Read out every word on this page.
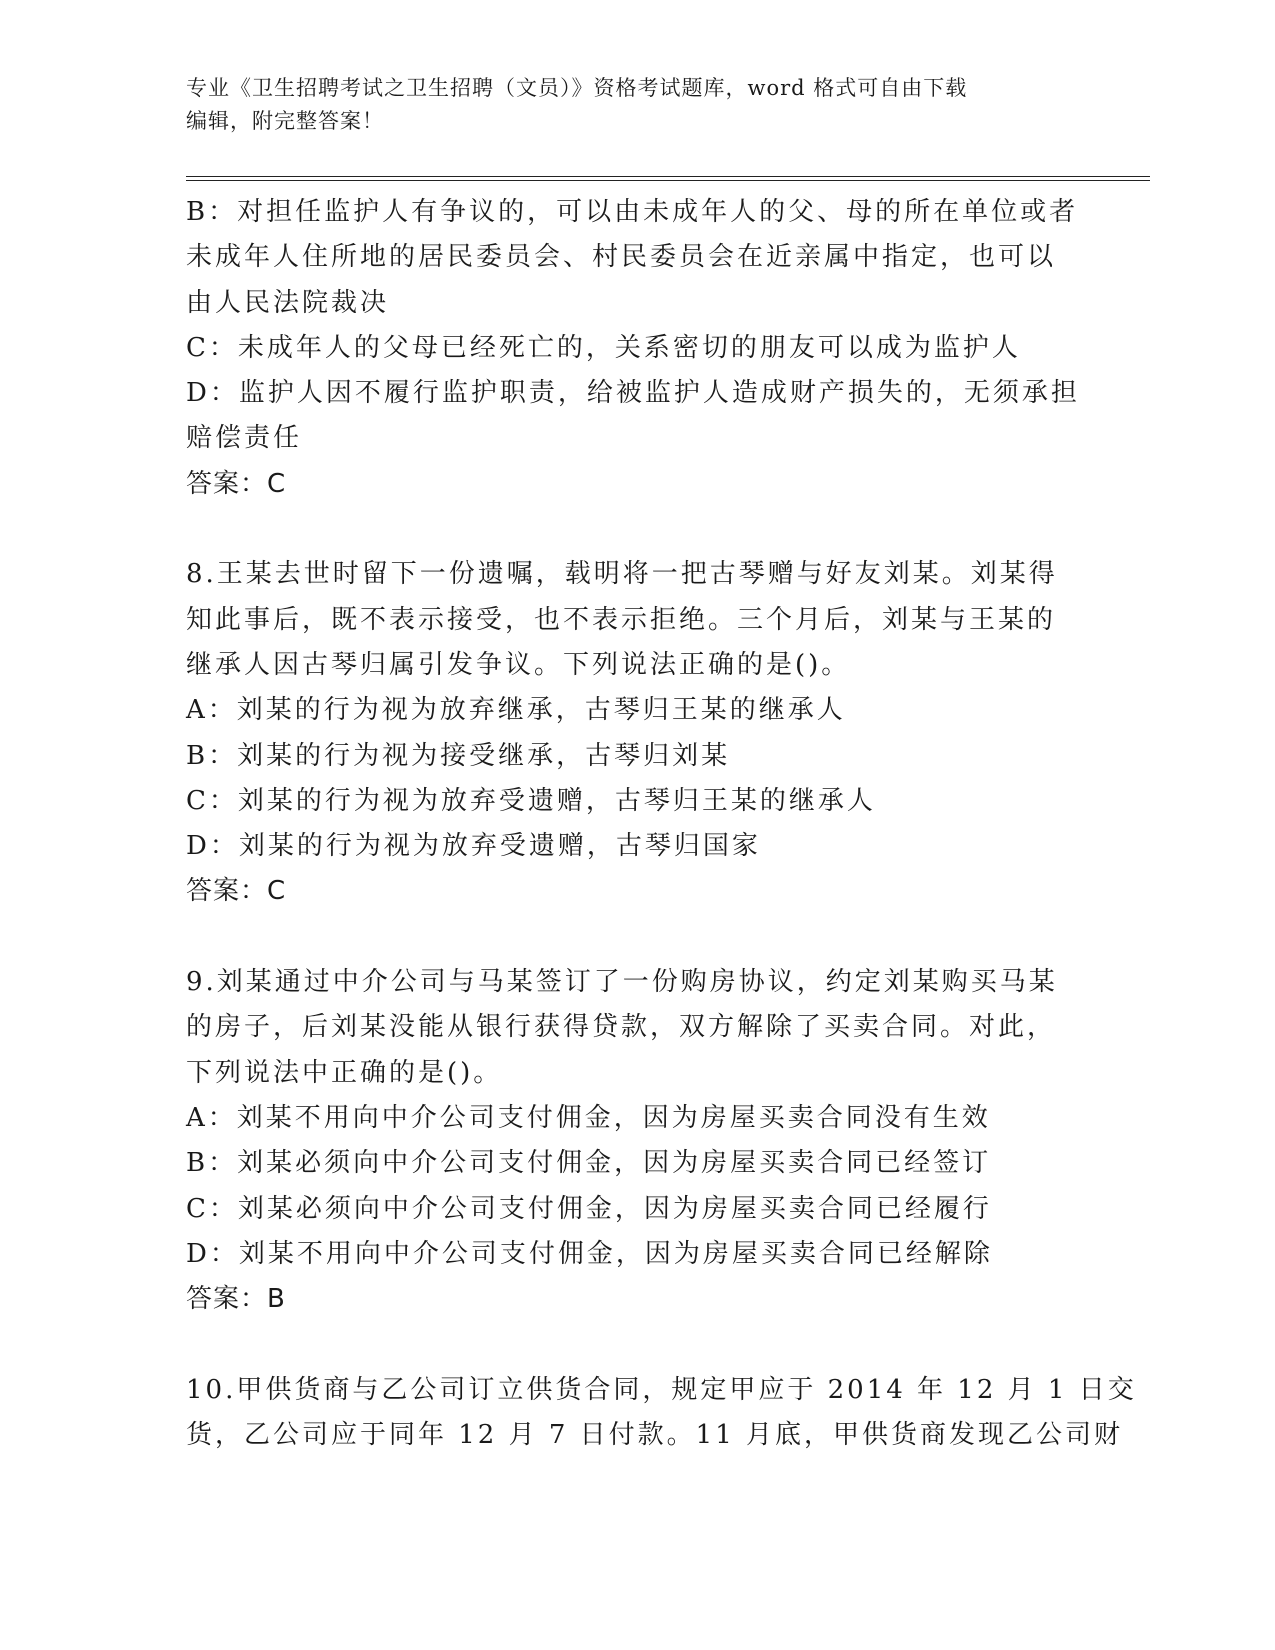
专业《卫生招聘考试之卫生招聘（文员）》资格考试题库，word 格式可自由下载
编辑，附完整答案！
B：对担任监护人有争议的，可以由未成年人的父、母的所在单位或者
未成年人住所地的居民委员会、村民委员会在近亲属中指定，也可以
由人民法院裁决
C：未成年人的父母已经死亡的，关系密切的朋友可以成为监护人
D：监护人因不履行监护职责，给被监护人造成财产损失的，无须承担
赔偿责任
答案：C
8.王某去世时留下一份遗嘱，载明将一把古琴赠与好友刘某。刘某得
知此事后，既不表示接受，也不表示拒绝。三个月后，刘某与王某的
继承人因古琴归属引发争议。下列说法正确的是()。
A：刘某的行为视为放弃继承，古琴归王某的继承人
B：刘某的行为视为接受继承，古琴归刘某
C：刘某的行为视为放弃受遗赠，古琴归王某的继承人
D：刘某的行为视为放弃受遗赠，古琴归国家
答案：C
9.刘某通过中介公司与马某签订了一份购房协议，约定刘某购买马某
的房子，后刘某没能从银行获得贷款，双方解除了买卖合同。对此，
下列说法中正确的是()。
A：刘某不用向中介公司支付佣金，因为房屋买卖合同没有生效
B：刘某必须向中介公司支付佣金，因为房屋买卖合同已经签订
C：刘某必须向中介公司支付佣金，因为房屋买卖合同已经履行
D：刘某不用向中介公司支付佣金，因为房屋买卖合同已经解除
答案：B
10.甲供货商与乙公司订立供货合同，规定甲应于 2014 年 12 月 1 日交
货，乙公司应于同年 12 月 7 日付款。11 月底，甲供货商发现乙公司财
